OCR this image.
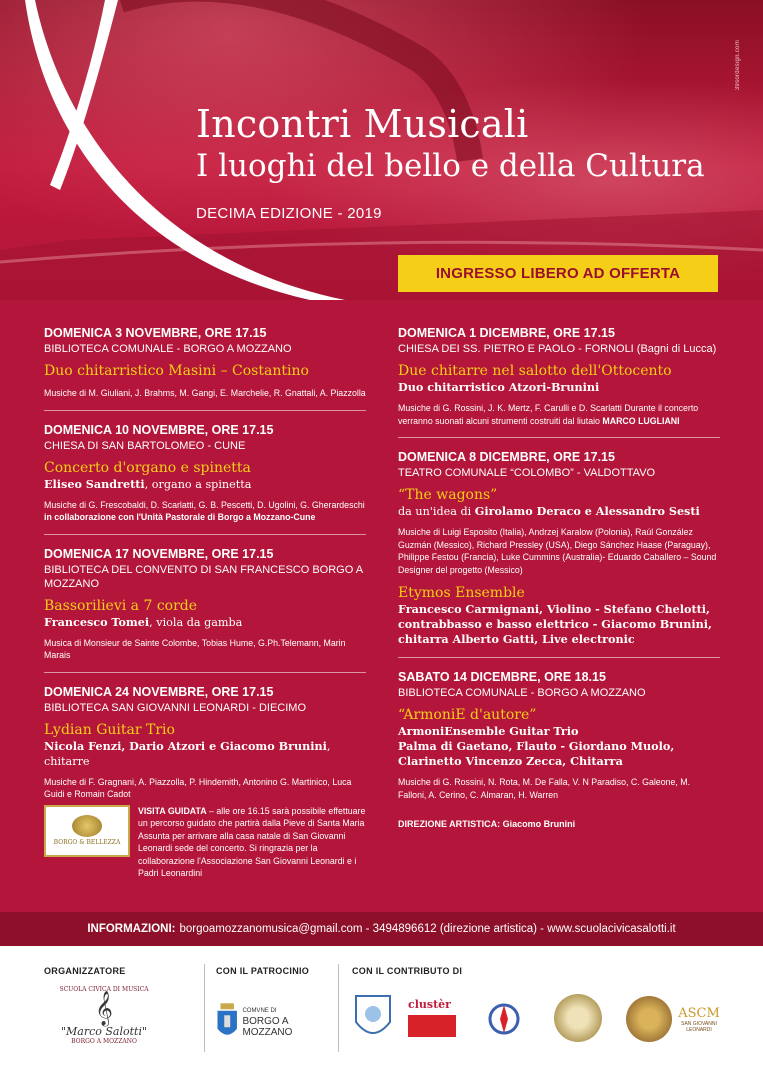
39sordesign.com
Incontri Musicali
I luoghi del bello e della Cultura
DECIMA EDIZIONE - 2019
INGRESSO LIBERO AD OFFERTA
DOMENICA 3 NOVEMBRE, ORE 17.15
BIBLIOTECA COMUNALE - BORGO A MOZZANO
Duo chitarristico Masini – Costantino
Musiche di M. Giuliani, J. Brahms, M. Gangi, E. Marchelie, R. Gnattali, A. Piazzolla
DOMENICA 10 NOVEMBRE, ORE 17.15
CHIESA DI SAN BARTOLOMEO - CUNE
Concerto d'organo e spinetta
Eliseo Sandretti, organo a spinetta
Musiche di G. Frescobaldi, D. Scarlatti, G. B. Pescetti, D. Ugolini, G. Gherardeschi in collaborazione con l'Unità Pastorale di Borgo a Mozzano-Cune
DOMENICA 17 NOVEMBRE, ORE 17.15
BIBLIOTECA DEL CONVENTO DI SAN FRANCESCO BORGO A MOZZANO
Bassorilievi a 7 corde
Francesco Tomei, viola da gamba
Musica di Monsieur de Sainte Colombe, Tobias Hume, G.Ph.Telemann, Marin Marais
DOMENICA 24 NOVEMBRE, ORE 17.15
BIBLIOTECA SAN GIOVANNI LEONARDI - DIECIMO
Lydian Guitar Trio
Nicola Fenzi, Dario Atzori e Giacomo Brunini, chitarre
Musiche di F. Gragnani, A. Piazzolla, P. Hindemith, Antonino G. Martinico, Luca Guidi e Romain Cadot
BORGO & BELLEZZA
VISITA GUIDATA – alle ore 16.15 sarà possibile effettuare un percorso guidato che partirà dalla Pieve di Santa Maria Assunta per arrivare alla casa natale di San Giovanni Leonardi sede del concerto. Si ringrazia per la collaborazione l'Associazione San Giovanni Leonardi e i Padri Leonardini
DOMENICA 1 DICEMBRE, ORE 17.15
CHIESA DEI SS. PIETRO E PAOLO - FORNOLI (Bagni di Lucca)
Due chitarre nel salotto dell'Ottocento
Duo chitarristico Atzori-Brunini
Musiche di G. Rossini, J. K. Mertz, F. Carulli e D. Scarlatti Durante il concerto verranno suonati alcuni strumenti costruiti dal liutaio MARCO LUGLIANI
DOMENICA 8 DICEMBRE, ORE 17.15
TEATRO COMUNALE “COLOMBO” - VALDOTTAVO
“The wagons”
da un'idea di Girolamo Deraco e Alessandro Sesti
Musiche di Luigi Esposito (Italia), Andrzej Karalow (Polonia), Raúl González Guzmán (Messico), Richard Pressley (USA), Diego Sánchez Haase (Paraguay), Philippe Festou (Francia), Luke Cummins (Australia)- Eduardo Caballero – Sound Designer del progetto (Messico)
Etymos Ensemble
Francesco Carmignani, Violino - Stefano Chelotti, contrabbasso e basso elettrico - Giacomo Brunini, chitarra Alberto Gatti, Live electronic
SABATO 14 DICEMBRE, ORE 18.15
BIBLIOTECA COMUNALE - BORGO A MOZZANO
“ArmoniE d'autore”
ArmoniEnsemble Guitar Trio
Palma di Gaetano, Flauto - Giordano Muolo, Clarinetto Vincenzo Zecca, Chitarra
Musiche di G. Rossini, N. Rota, M. De Falla, V. N Paradiso, C. Galeone, M. Falloni, A. Cerino, C. Almaran, H. Warren
DIREZIONE ARTISTICA: Giacomo Brunini
INFORMAZIONI: borgoamozzanomusica@gmail.com - 3494896612 (direzione artistica) - www.scuolacivicasalotti.it
ORGANIZZATORE	CON IL PATROCINIO	CON IL CONTRIBUTO DI
SCUOLA CIVICA DI MUSICA
𝄞
"Marco Salotti"
BORGO A MOZZANO
COMVNE DI
BORGO A MOZZANO
clustèr
ASCM
SAN GIOVANNI LEONARDI
